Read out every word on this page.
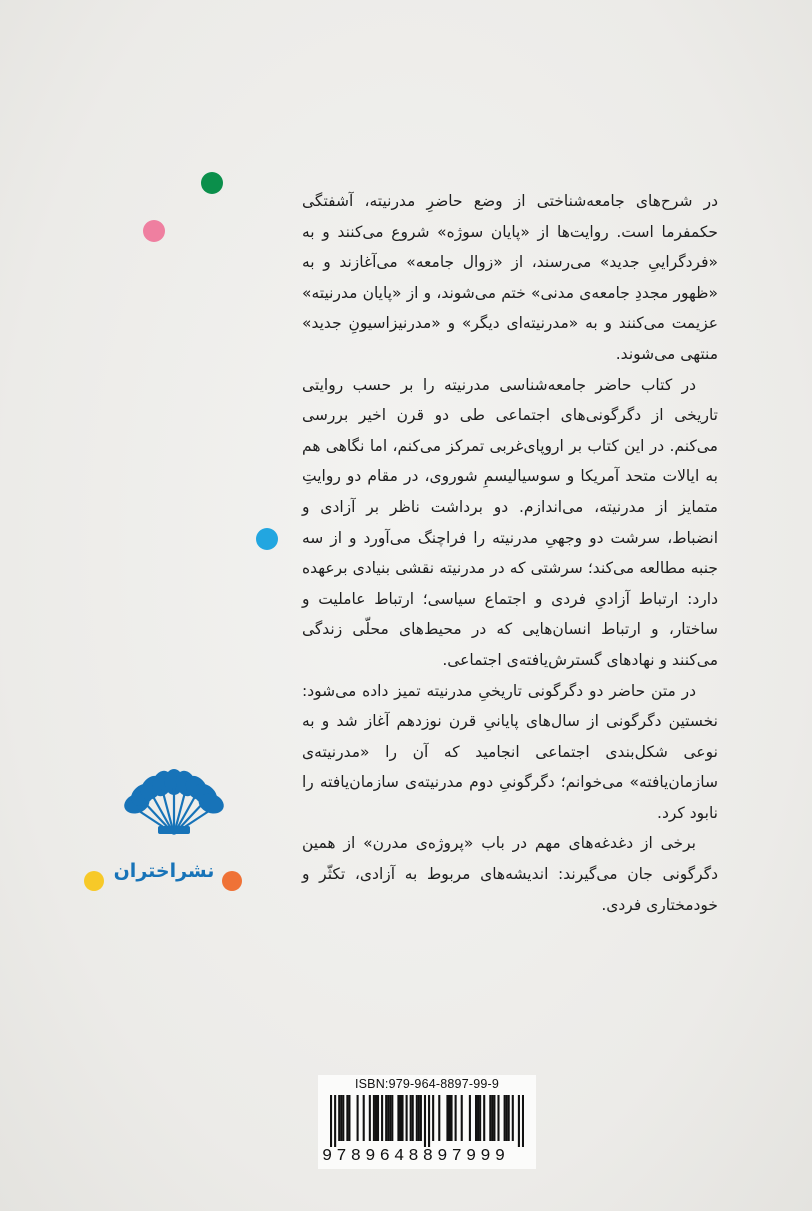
در شرح‌های جامعه‌شناختی از وضع حاضرِ مدرنیته، آشفتگی حکمفرما است. روایت‌ها از «پایان سوژه» شروع می‌کنند و به «فردگراییِ جدید» می‌رسند، از «زوال جامعه» می‌آغازند و به «ظهور مجددِ جامعه‌ی مدنی» ختم می‌شوند، و از «پایان مدرنیته» عزیمت می‌کنند و به «مدرنیته‌ای دیگر» و «مدرنیزاسیونِ جدید» منتهی می‌شوند.

در کتاب حاضر جامعه‌شناسی مدرنیته را بر حسب روایتی تاریخی از دگرگونی‌های اجتماعی طی دو قرن اخیر بررسی می‌کنم. در این کتاب بر اروپای‌غربی تمرکز می‌کنم، اما نگاهی هم به ایالات متحد آمریکا و سوسیالیسمِ شوروی، در مقام دو روایتِ متمایز از مدرنیته، می‌اندازم. دو برداشت ناظر بر آزادی و انضباط، سرشت دو وجهیِ مدرنیته را فراچنگ می‌آورد و از سه جنبه مطالعه می‌کند؛ سرشتی که در مدرنیته نقشی بنیادی برعهده دارد: ارتباط آزادیِ فردی و اجتماع سیاسی؛ ارتباط عاملیت و ساختار، و ارتباط انسان‌هایی که در محیط‌های محلّی زندگی می‌کنند و نهادهای گسترش‌یافته‌ی اجتماعی.

در متن حاضر دو دگرگونی تاریخیِ مدرنیته تمیز داده می‌شود: نخستین دگرگونی از سال‌های پایانیِ قرن نوزدهم آغاز شد و به نوعی شکل‌بندی اجتماعی انجامید که آن را «مدرنیته‌ی سازمان‌یافته» می‌خوانم؛ دگرگونیِ دوم مدرنیته‌ی سازمان‌یافته را نابود کرد.

برخی از دغدغه‌های مهم در باب «پروژه‌ی مدرن» از همین دگرگونی جان می‌گیرند: اندیشه‌های مربوط به آزادی، تکثّر و خودمختاری فردی.

نشراختران
ISBN:979-964-8897-99-9
9789648897999
